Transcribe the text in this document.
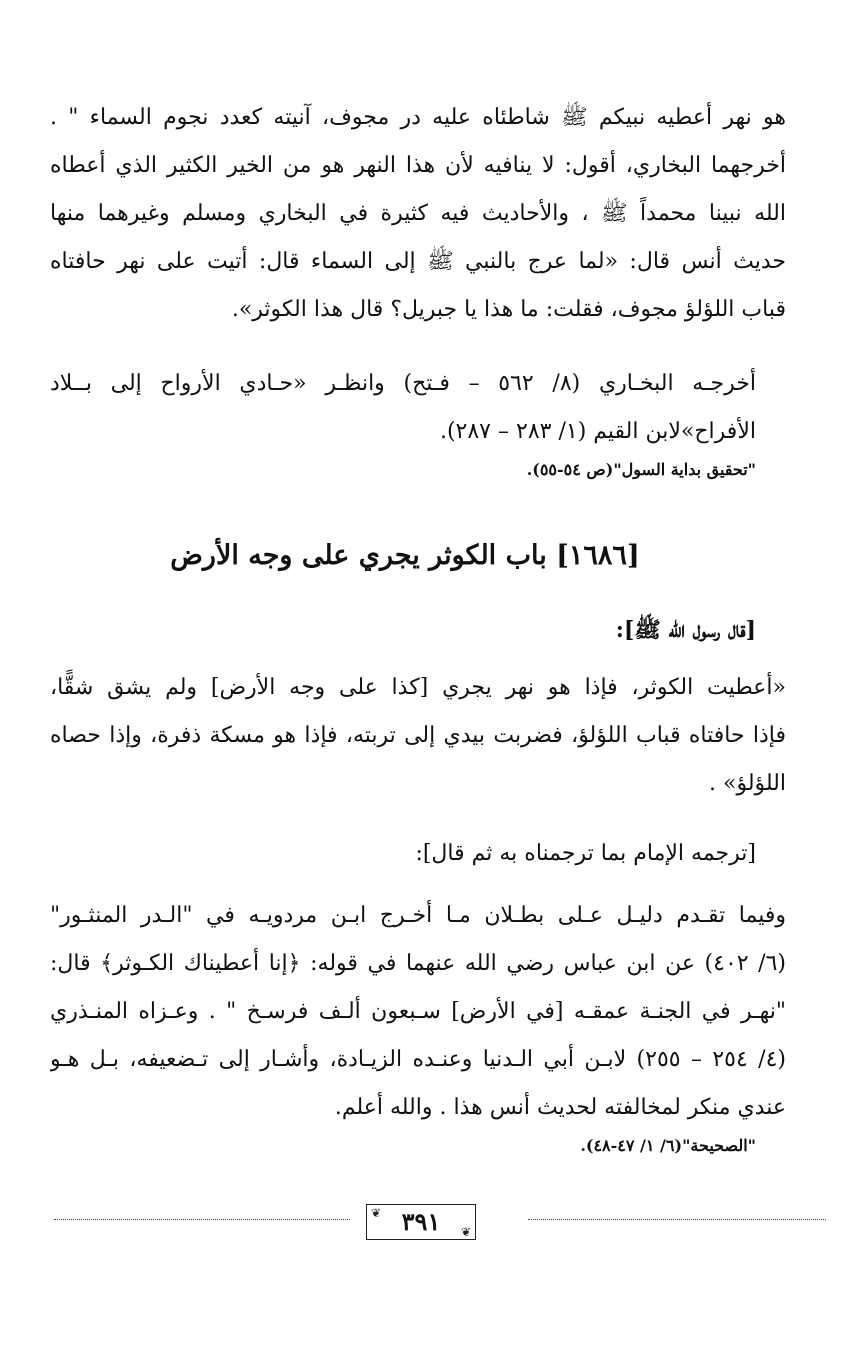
هو نهر أعطيه نبيكم ﷺ شاطئاه عليه در مجوف، آنيته كعدد نجوم السماء " .
أخرجهما البخاري، أقول: لا ينافيه لأن هذا النهر هو من الخير الكثير الذي أعطاه
الله نبينا محمداً ﷺ ، والأحاديث فيه كثيرة في البخاري ومسلم وغيرهما منها
حديث أنس قال: «لما عرج بالنبي ﷺ إلى السماء قال: أتيت على نهر حافتاه
قباب اللؤلؤ مجوف، فقلت: ما هذا يا جبريل؟ قال هذا الكوثر».
أخرجـه البخـاري (٨/ ٥٦٢ – فـتح) وانظـر «حـادي الأرواح إلى بــلاد
الأفراح»لابن القيم (١/ ٢٨٣ – ٢٨٧).
"تحقيق بداية السول"(ص ٥٤-٥٥).
[١٦٨٦] باب الكوثر يجري على وجه الأرض
[قال رسول الله ﷺ]:
«أعطيت الكوثر، فإذا هو نهر يجري [كذا على وجه الأرض] ولم يشق شقًّا،
فإذا حافتاه قباب اللؤلؤ، فضربت بيدي إلى تربته، فإذا هو مسكة ذفرة، وإذا حصاه
اللؤلؤ» .
[ترجمه الإمام بما ترجمناه به ثم قال]:
وفيما تقـدم دليـل عـلى بطـلان مـا أخـرج ابـن مردويـه في "الـدر المنثـور"
(٦/ ٤٠٢) عن ابن عباس رضي الله عنهما في قوله: ﴿إنا أعطيناك الكـوثر﴾ قال:
"نهـر في الجنـة عمقـه [في الأرض] سـبعون ألـف فرسـخ " . وعـزاه المنـذري
(٤/ ٢٥٤ – ٢٥٥) لابـن أبي الـدنيا وعنـده الزيـادة، وأشـار إلى تـضعيفه، بـل هـو
عندي منكر لمخالفته لحديث أنس هذا . والله أعلم.
"الصحيحة"(٦/ ١/ ٤٧-٤٨).
❦
❦
٣٩١
